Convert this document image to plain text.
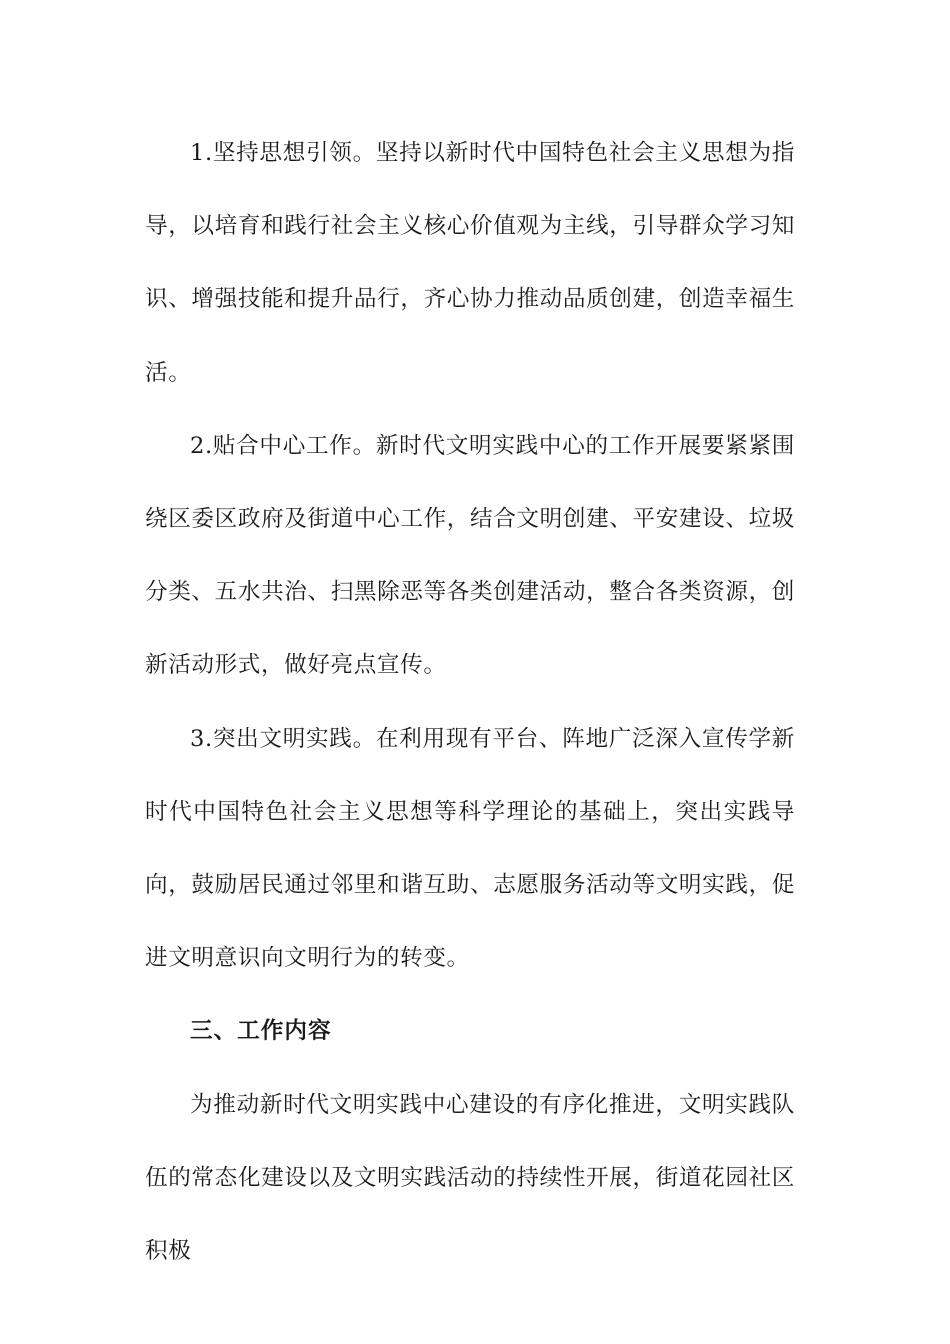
1.坚持思想引领。坚持以新时代中国特色社会主义思想为指导，以培育和践行社会主义核心价值观为主线，引导群众学习知识、增强技能和提升品行，齐心协力推动品质创建，创造幸福生活。

2.贴合中心工作。新时代文明实践中心的工作开展要紧紧围绕区委区政府及街道中心工作，结合文明创建、平安建设、垃圾分类、五水共治、扫黑除恶等各类创建活动，整合各类资源，创新活动形式，做好亮点宣传。

3.突出文明实践。在利用现有平台、阵地广泛深入宣传学新时代中国特色社会主义思想等科学理论的基础上，突出实践导向，鼓励居民通过邻里和谐互助、志愿服务活动等文明实践，促进文明意识向文明行为的转变。

三、工作内容

为推动新时代文明实践中心建设的有序化推进，文明实践队伍的常态化建设以及文明实践活动的持续性开展，街道花园社区积极
